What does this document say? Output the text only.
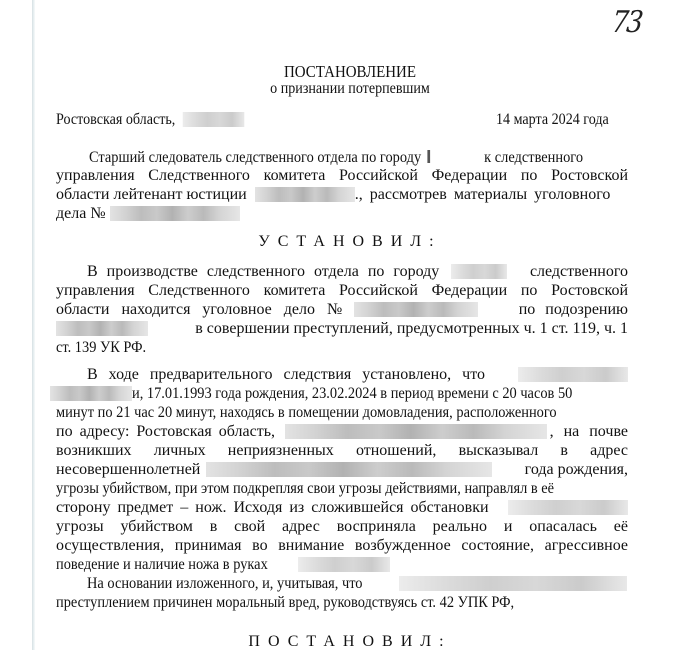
73
ПОСТАНОВЛЕНИЕ
о признании потерпевшим
Ростовская область,	14 марта 2024 года
Старший следователь следственного отдела по городу	к следственного
управления Следственного комитета Российской Федерации по Ростовской
области лейтенант юстиции	., рассмотрев материалы уголовного
дела №
УСТАНОВИЛ:
В производстве следственного отдела по городу	следственного
управления Следственного комитета Российской Федерации по Ростовской
области находится уголовное дело №	по подозрению
в совершении преступлений, предусмотренных ч. 1 ст. 119, ч. 1
ст. 139 УК РФ.
В ходе предварительного следствия установлено, что
и, 17.01.1993 года рождения, 23.02.2024 в период времени с 20 часов 50
минут по 21 час 20 минут, находясь в помещении домовладения, расположенного
по адресу: Ростовская область,	, на почве
возникших личных неприязненных отношений, высказывал в адрес
несовершеннолетней	года рождения,
угрозы убийством, при этом подкрепляя свои угрозы действиями, направлял в её
сторону предмет – нож. Исходя из сложившейся обстановки
угрозы убийством в свой адрес восприняла реально и опасалась её
осуществления, принимая во внимание возбужденное состояние, агрессивное
поведение и наличие ножа в руках
На основании изложенного, и, учитывая, что
преступлением причинен моральный вред, руководствуясь ст. 42 УПК РФ,
ПОСТАНОВИЛ:
